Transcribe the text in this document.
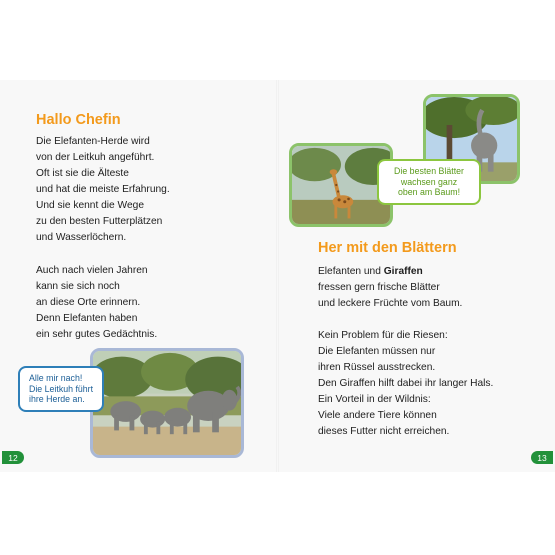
Hallo Chefin
Die Elefanten-Herde wird
von der Leitkuh angeführt.
Oft ist sie die Älteste
und hat die meiste Erfahrung.
Und sie kennt die Wege
zu den besten Futterplätzen
und Wasserlöchern.
Auch nach vielen Jahren
kann sie sich noch
an diese Orte erinnern.
Denn Elefanten haben
ein sehr gutes Gedächtnis.
Alle mir nach!
Die Leitkuh führt
ihre Herde an.
12
Die besten Blätter
wachsen ganz
oben am Baum!
Her mit den Blättern
Elefanten und Giraffen
fressen gern frische Blätter
und leckere Früchte vom Baum.
Kein Problem für die Riesen:
Die Elefanten müssen nur
ihren Rüssel ausstrecken.
Den Giraffen hilft dabei ihr langer Hals.
Ein Vorteil in der Wildnis:
Viele andere Tiere können
dieses Futter nicht erreichen.
13
